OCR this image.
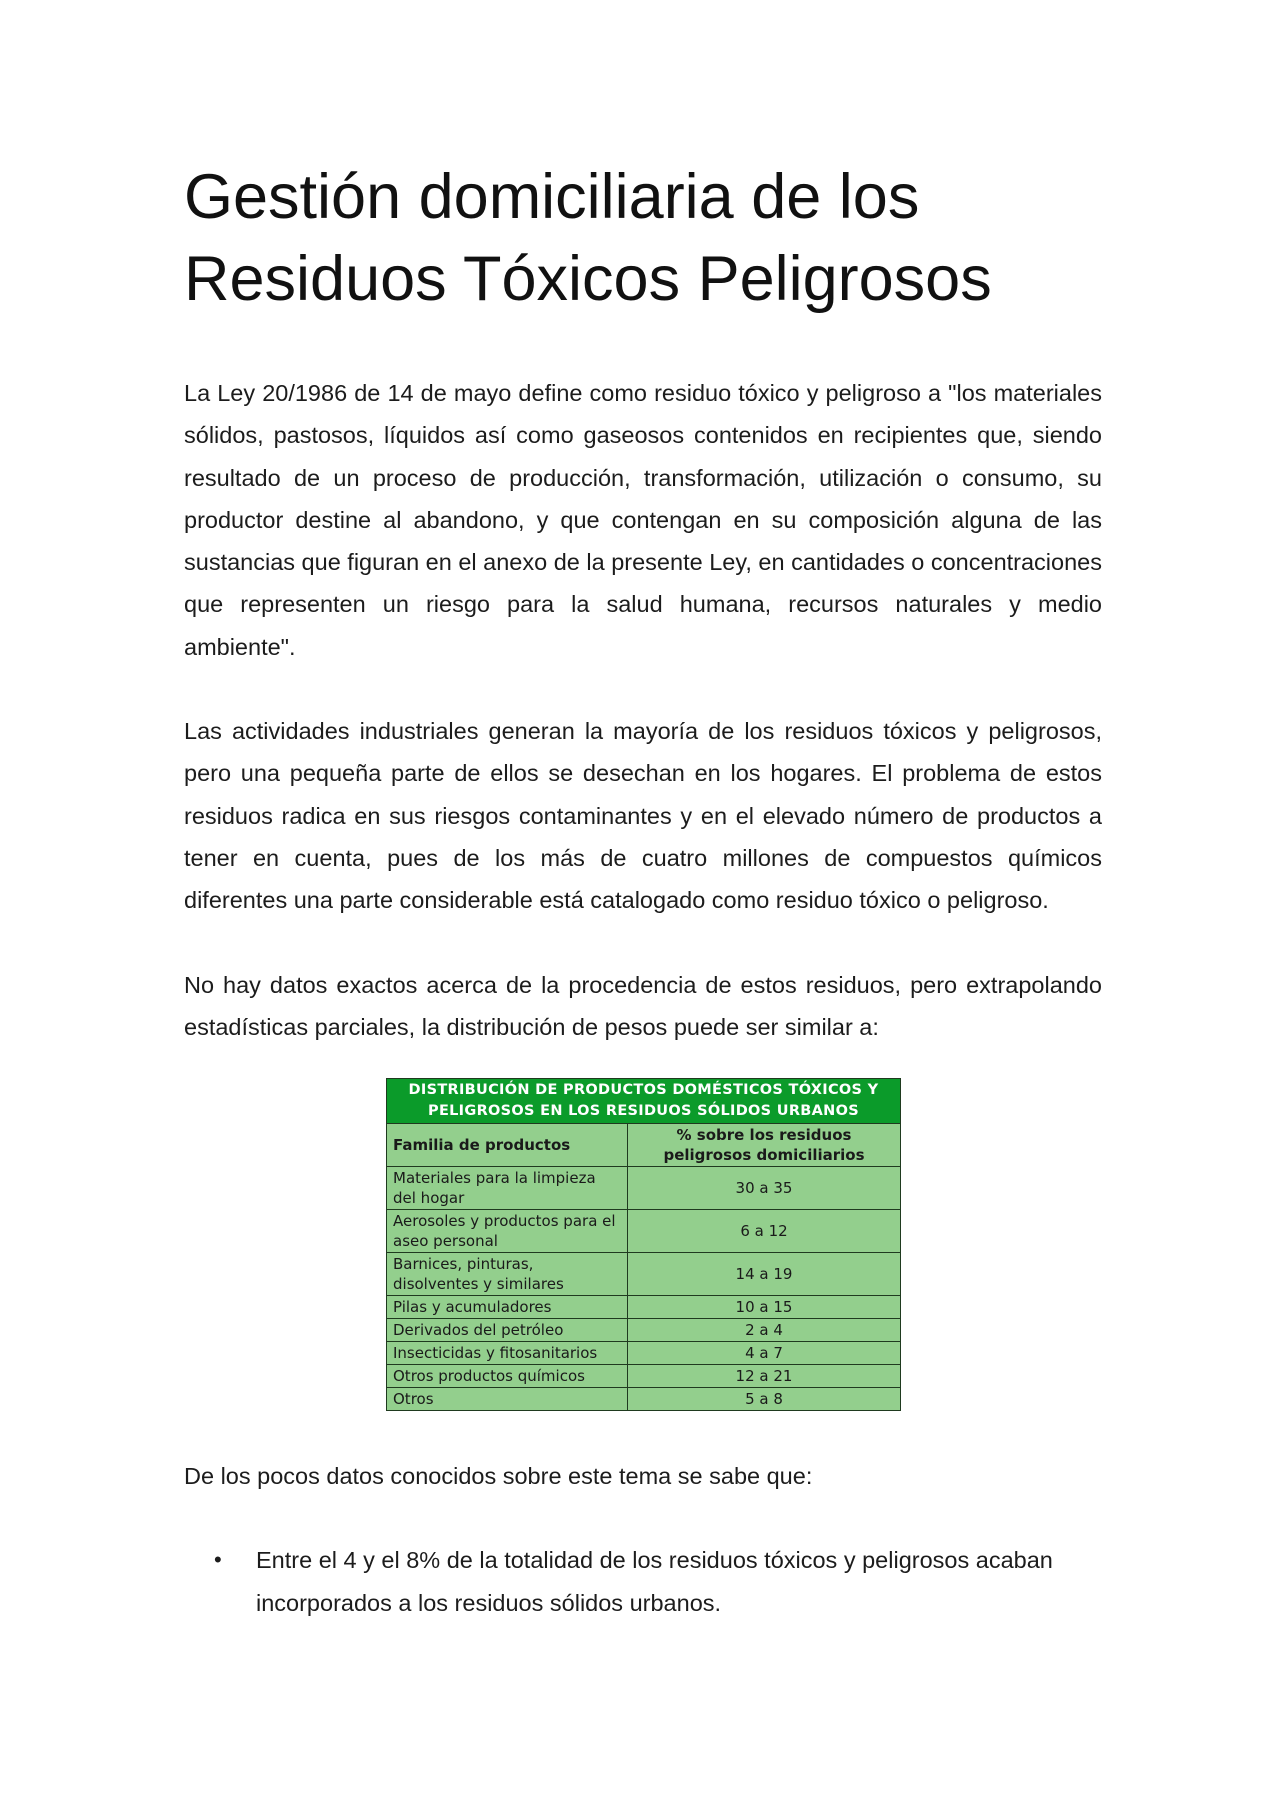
Gestión domiciliaria de los
Residuos Tóxicos Peligrosos

La Ley 20/1986 de 14 de mayo define como residuo tóxico y peligroso a "los materiales sólidos, pastosos, líquidos así como gaseosos contenidos en recipientes que, siendo resultado de un proceso de producción, transformación, utilización o consumo, su productor destine al abandono, y que contengan en su composición alguna de las sustancias que figuran en el anexo de la presente Ley, en cantidades o concentraciones que representen un riesgo para la salud humana, recursos naturales y medio ambiente".

Las actividades industriales generan la mayoría de los residuos tóxicos y peligrosos, pero una pequeña parte de ellos se desechan en los hogares. El problema de estos residuos radica en sus riesgos contaminantes y en el elevado número de productos a tener en cuenta, pues de los más de cuatro millones de compuestos químicos diferentes una parte considerable está catalogado como residuo tóxico o peligroso.

No hay datos exactos acerca de la procedencia de estos residuos, pero extrapolando estadísticas parciales, la distribución de pesos puede ser similar a:

DISTRIBUCIÓN DE PRODUCTOS DOMÉSTICOS TÓXICOS Y PELIGROSOS EN LOS RESIDUOS SÓLIDOS URBANOS	
Familia de productos	% sobre los residuos peligrosos domiciliarios
Materiales para la limpieza del hogar	30 a 35
Aerosoles y productos para el aseo personal	6 a 12
Barnices, pinturas, disolventes y similares	14 a 19
Pilas y acumuladores	10 a 15
Derivados del petróleo	2 a 4
Insecticidas y fitosanitarios	4 a 7
Otros productos químicos	12 a 21
Otros	5 a 8

De los pocos datos conocidos sobre este tema se sabe que:

• Entre el 4 y el 8% de la totalidad de los residuos tóxicos y peligrosos acaban incorporados a los residuos sólidos urbanos.
